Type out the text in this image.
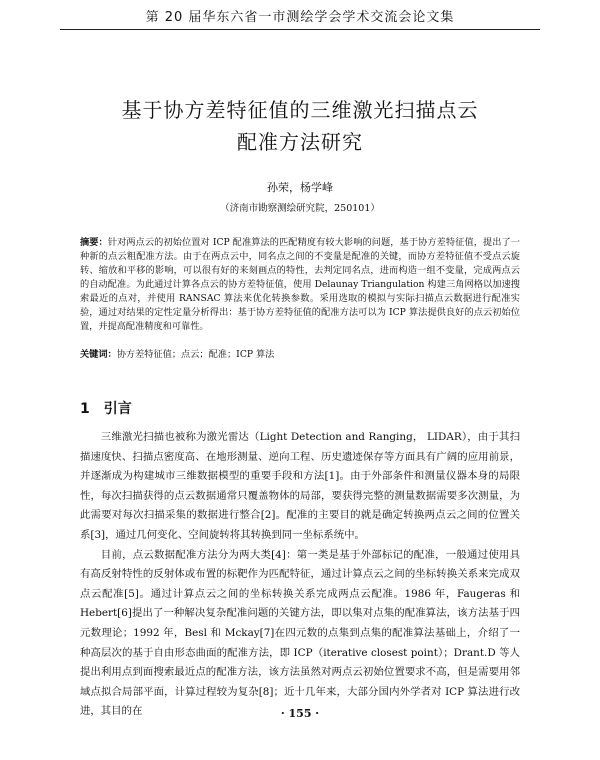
第 20 届华东六省一市测绘学会学术交流会论文集
基于协方差特征值的三维激光扫描点云
配准方法研究
孙荣，杨学峰
（济南市勘察测绘研究院，250101）
摘要：针对两点云的初始位置对 ICP 配准算法的匹配精度有较大影响的问题，基于协方差特征值，提出了一种新的点云粗配准方法。由于在两点云中，同名点之间的不变量是配准的关键，而协方差特征值不受点云旋转、缩放和平移的影响，可以很有好的来刻画点的特性，去判定同名点，进而构造一组不变量，完成两点云的自动配准。为此通过计算各点云的协方差特征值，使用 Delaunay Triangulation 构建三角网格以加速搜索最近的点对，并使用 RANSAC 算法来优化转换参数。采用选取的模拟与实际扫描点云数据进行配准实验，通过对结果的定性定量分析得出：基于协方差特征值的配准方法可以为 ICP 算法提供良好的点云初始位置，并提高配准精度和可靠性。
关键词：协方差特征值；点云；配准；ICP 算法
1 引言

三维激光扫描也被称为激光雷达（Light Detection and Ranging， LIDAR），由于其扫描速度快、扫描点密度高、在地形测量、逆向工程、历史遗迹保存等方面具有广阔的应用前景，并逐渐成为构建城市三维数据模型的重要手段和方法[1]。由于外部条件和测量仪器本身的局限性，每次扫描获得的点云数据通常只覆盖物体的局部，要获得完整的测量数据需要多次测量，为此需要对每次扫描采集的数据进行整合[2]。配准的主要目的就是确定转换两点云之间的位置关系[3]，通过几何变化、空间旋转将其转换到同一坐标系统中。

目前，点云数据配准方法分为两大类[4]：第一类是基于外部标记的配准，一般通过使用具有高反射特性的反射体或布置的标靶作为匹配特征，通过计算点云之间的坐标转换关系来完成双点云配准[5]。通过计算点云之间的坐标转换关系完成两点云配准。1986 年，Faugeras 和 Hebert[6]提出了一种解决复杂配准问题的关键方法，即以集对点集的配准算法，该方法基于四元数理论；1992 年，Besl 和 Mckay[7]在四元数的点集到点集的配准算法基础上，介绍了一种高层次的基于自由形态曲面的配准方法，即 ICP（iterative closest point）；Drant.D 等人提出利用点到面搜索最近点的配准方法，该方法虽然对两点云初始位置要求不高，但是需要用邻域点拟合局部平面，计算过程较为复杂[8]；近十几年来，大部分国内外学者对 ICP 算法进行改进，其目的在	· 155 ·
